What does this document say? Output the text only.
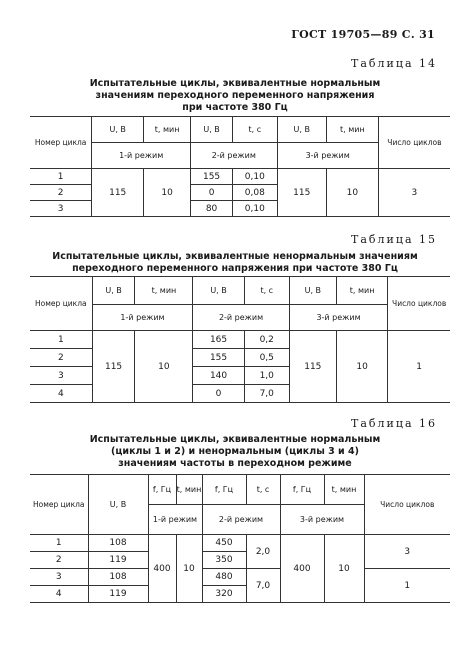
ГОСТ 19705—89 С. 31
Таблица 14
Испытательные циклы, эквивалентные нормальным
значениям переходного переменного напряжения
при частоте 380 Гц
Номер цикла	U, В	t, мин	U, В	t, с	U, В	t, мин	Число циклов
	1-й режим		2-й режим		3-й режим		
1	115	10	155	0,10	115	10	3
2			0	0,08			
3			80	0,10			
Таблица 15
Испытательные циклы, эквивалентные ненормальным значениям
переходного переменного напряжения при частоте 380 Гц
Номер цикла	U, В	t, мин	U, В	t, с	U, В	t, мин	Число циклов
	1-й режим		2-й режим		3-й режим		
1	115	10	165	0,2	115	10	1
2			155	0,5			
3			140	1,0			
4			0	7,0			
Таблица 16
Испытательные циклы, эквивалентные нормальным
(циклы 1 и 2) и ненормальным (циклы 3 и 4)
значениям частоты в переходном режиме
Номер цикла	U, В	f, Гц	t, мин	f, Гц	t, с	f, Гц	t, мин	Число циклов
		1-й режим		2-й режим		3-й режим		
1	108	400	10	450	2,0	400	10	3
2	119			350				
3	108			480	7,0			1
4	119			320				
